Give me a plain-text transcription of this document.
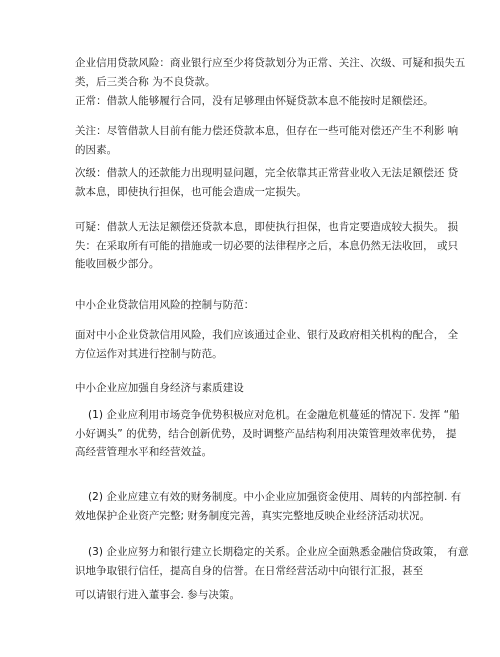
企业信用贷款风险：商业银行应至少将贷款划分为正常、关注、次级、可疑和损失五
类，后三类合称 为不良贷款。
正常：借款人能够履行合同，没有足够理由怀疑贷款本息不能按时足额偿还。
关注：尽管借款人目前有能力偿还贷款本息，但存在一些可能对偿还产生不利影 响
的因素。
次级：借款人的还款能力出现明显问题，完全依靠其正常营业收入无法足额偿还 贷
款本息，即使执行担保，也可能会造成一定损失。
可疑：借款人无法足额偿还贷款本息，即使执行担保，也肯定要造成较大损失。 损
失：在采取所有可能的措施或一切必要的法律程序之后，本息仍然无法收回， 或只
能收回极少部分。
中小企业贷款信用风险的控制与防范：
面对中小企业贷款信用风险，我们应该通过企业、银行及政府相关机构的配合， 全
方位运作对其进行控制与防范。
中小企业应加强自身经济与素质建设
(1) 企业应利用市场竞争优势积极应对危机。在金融危机蔓延的情况下. 发挥 “船
小好调头” 的优势，结合创新优势，及时调整产品结构利用决策管理效率优势， 提
高经营管理水平和经营效益。
(2) 企业应建立有效的财务制度。中小企业应加强资金使用、周转的内部控制. 有
效地保护企业资产完整; 财务制度完善，真实完整地反映企业经济活动状况。
(3) 企业应努力和银行建立长期稳定的关系。企业应全面熟悉金融信贷政策， 有意
识地争取银行信任，提高自身的信誉。在日常经营活动中向银行汇报，甚至
可以请银行进入董事会. 参与决策。
